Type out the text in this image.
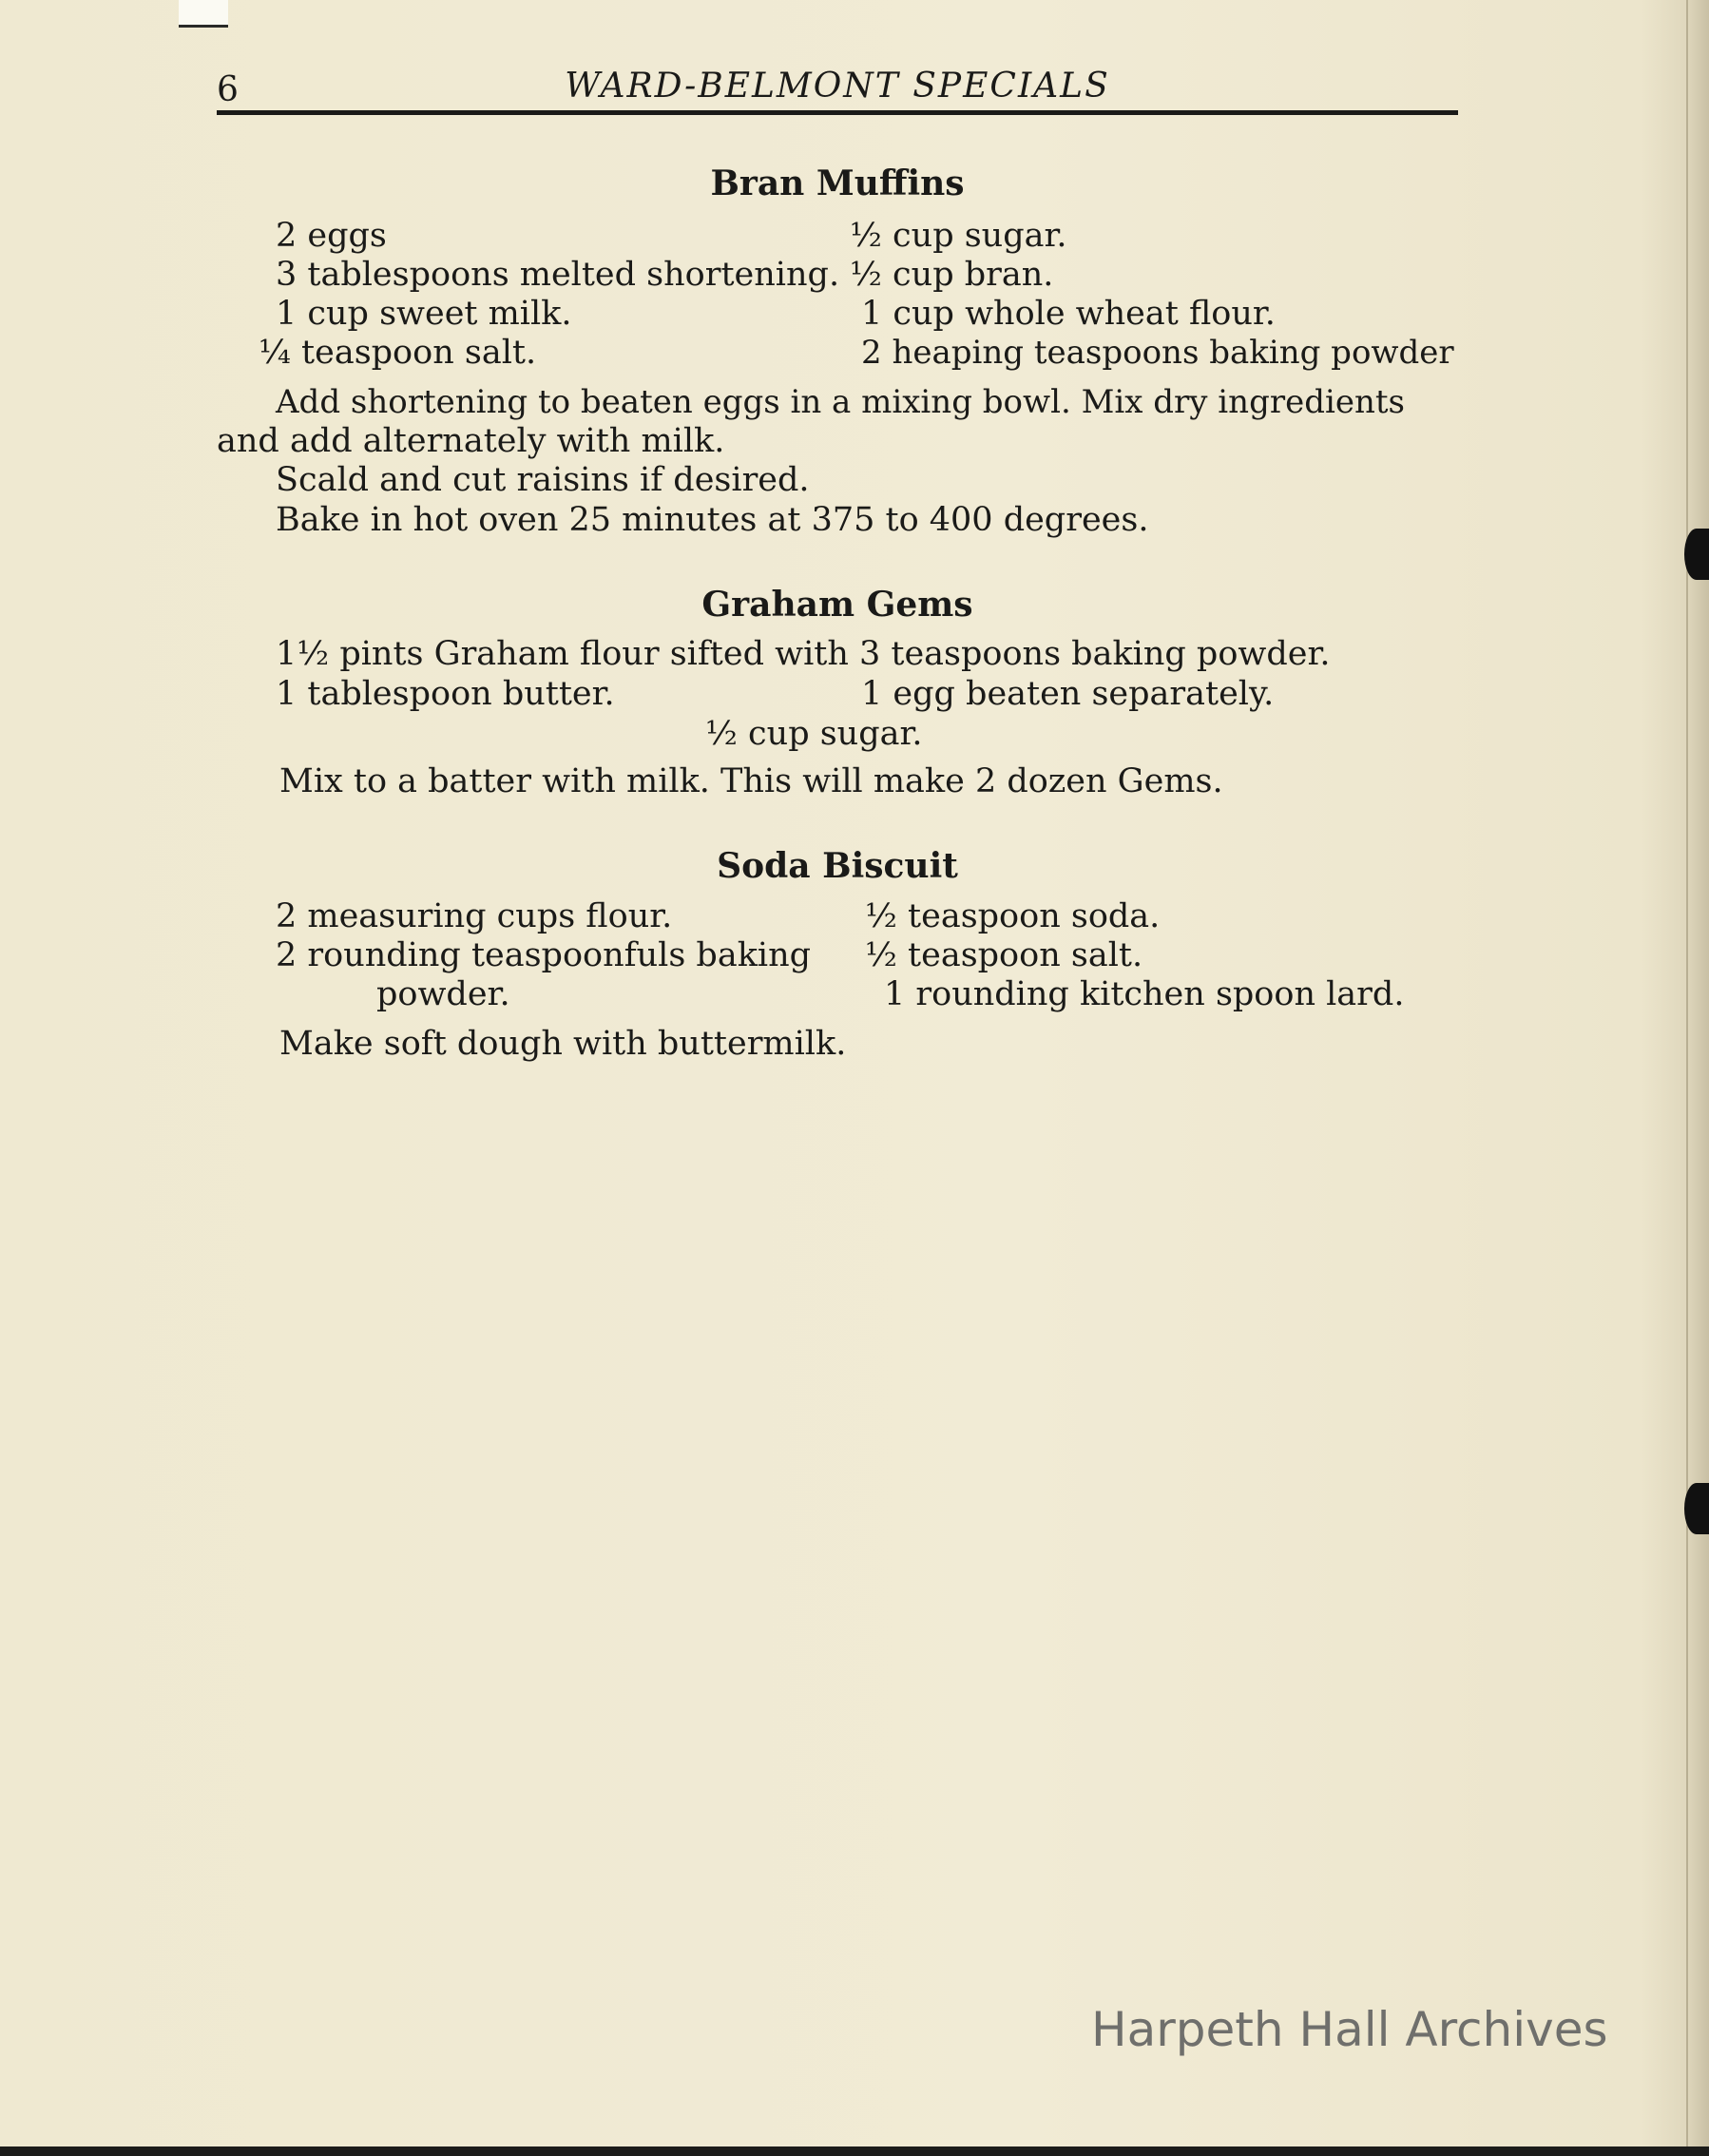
6	WARD-BELMONT SPECIALS
Bran Muffins
2 eggs
3 tablespoons melted shortening.
1 cup sweet milk.
¼ teaspoon salt.
½ cup sugar.
½ cup bran.
1 cup whole wheat flour.
2 heaping teaspoons baking powder
Add shortening to beaten eggs in a mixing bowl. Mix dry ingredients
and add alternately with milk.
Scald and cut raisins if desired.
Bake in hot oven 25 minutes at 375 to 400 degrees.
Graham Gems
1½ pints Graham flour sifted with 3 teaspoons baking powder.
1 tablespoon butter.	1 egg beaten separately.
½ cup sugar.
Mix to a batter with milk. This will make 2 dozen Gems.
Soda Biscuit
2 measuring cups flour.
2 rounding teaspoonfuls baking
powder.
½ teaspoon soda.
½ teaspoon salt.
1 rounding kitchen spoon lard.
Make soft dough with buttermilk.
Harpeth Hall Archives
